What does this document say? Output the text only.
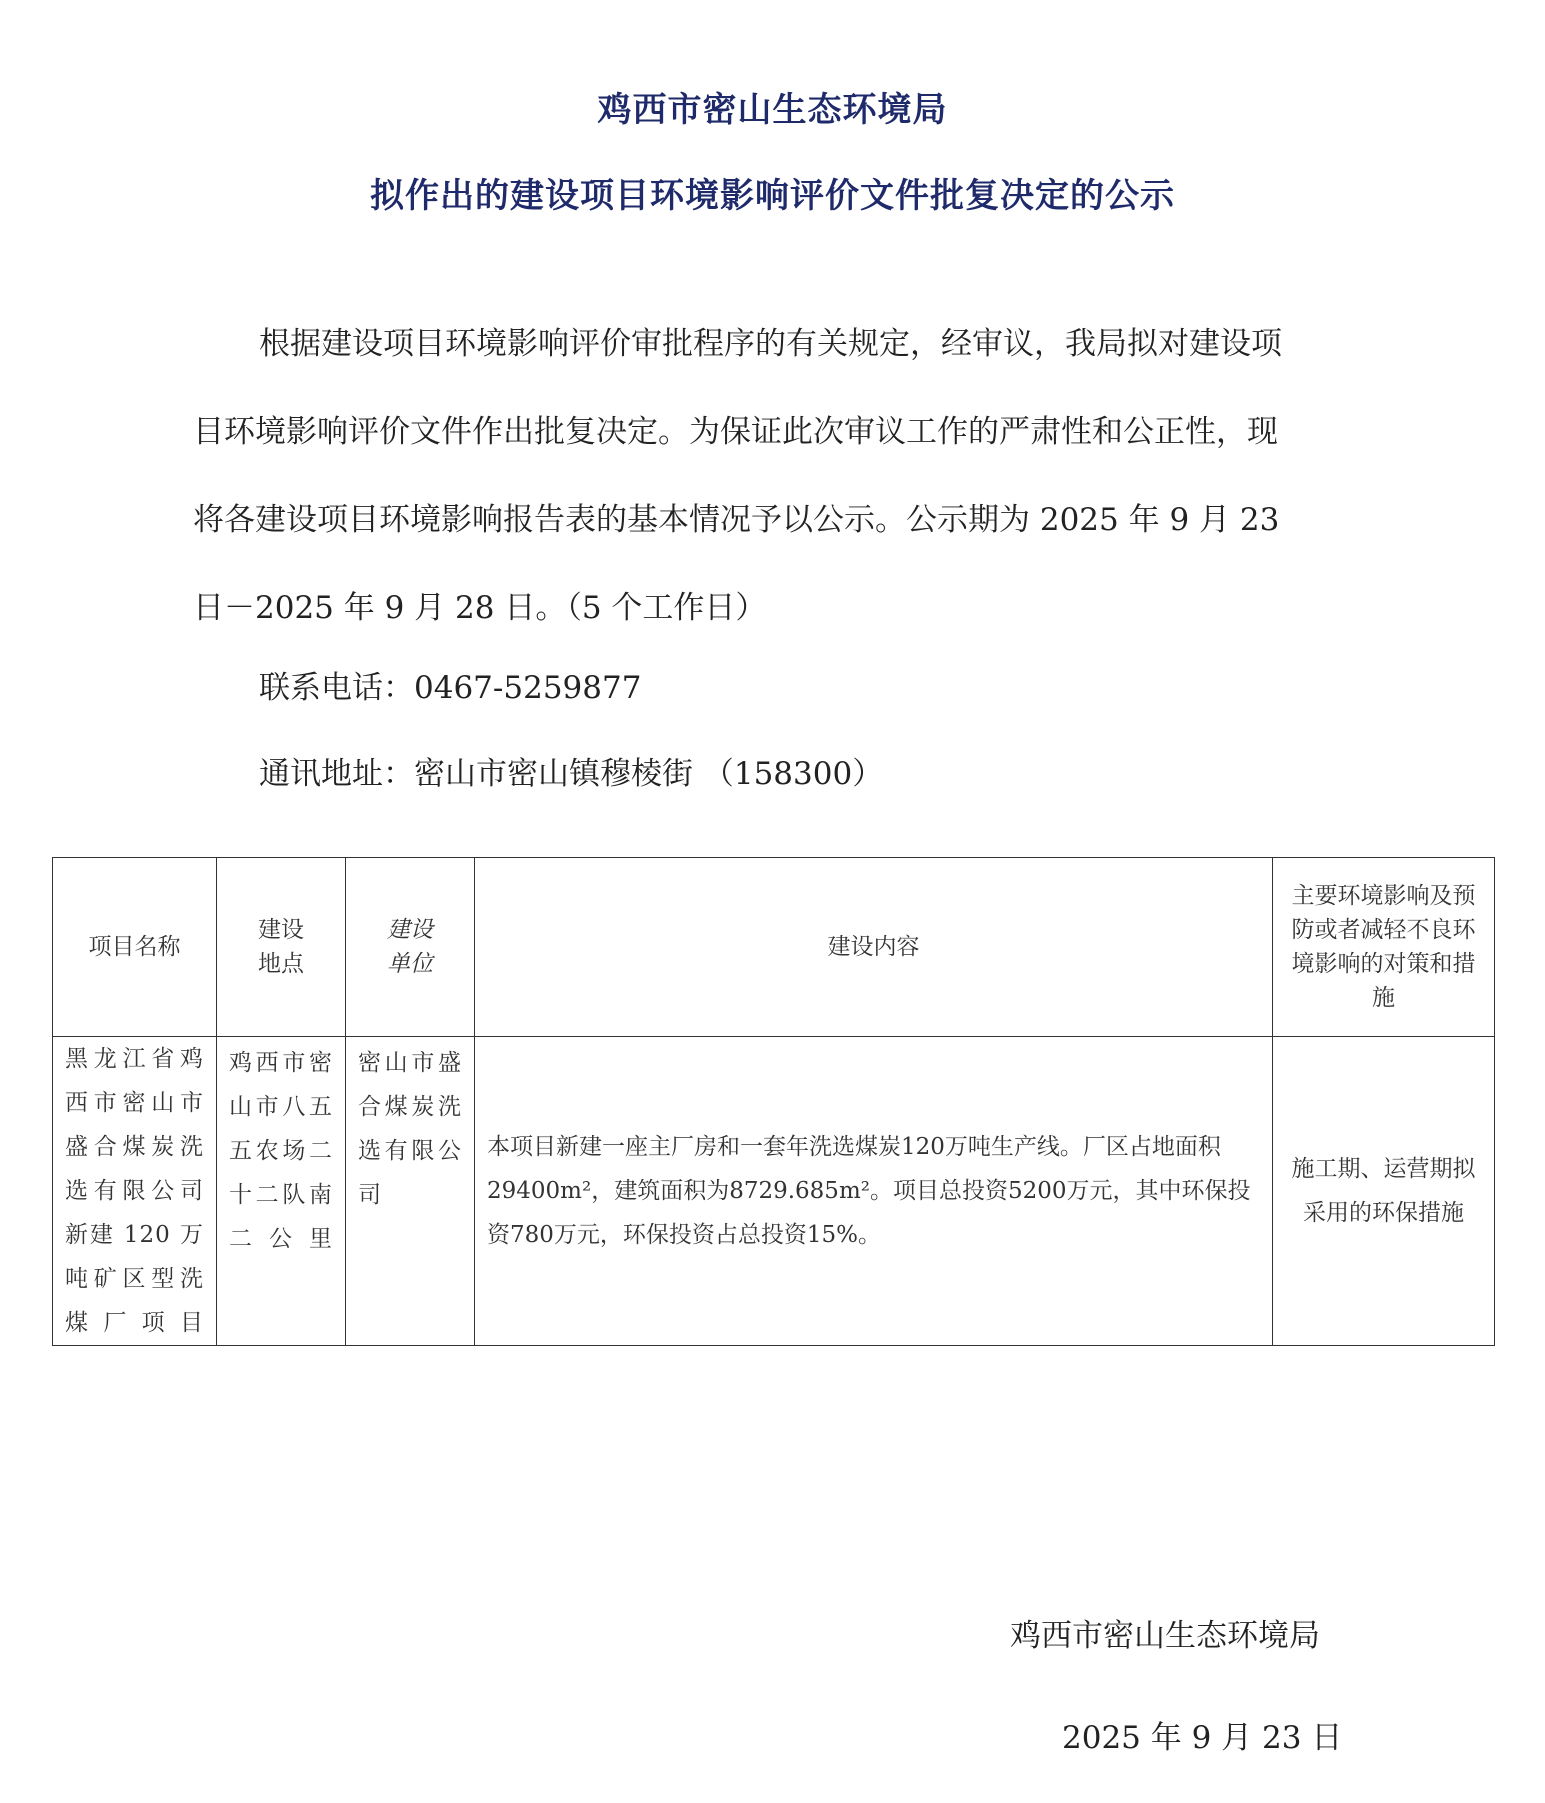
鸡西市密山生态环境局
拟作出的建设项目环境影响评价文件批复决定的公示
根据建设项目环境影响评价审批程序的有关规定，经审议，我局拟对建设项
目环境影响评价文件作出批复决定。为保证此次审议工作的严肃性和公正性，现
将各建设项目环境影响报告表的基本情况予以公示。公示期为 2025 年 9 月 23
日－2025 年 9 月 28 日。（5 个工作日）
联系电话：0467-5259877
通讯地址：密山市密山镇穆棱街 （158300）
项目名称	建设地点	建设单位	建设内容	主要环境影响及预防或者减轻不良环境影响的对策和措施
黑龙江省鸡西市密山市盛合煤炭洗选有限公司新建 120 万吨矿区型洗煤厂项目	鸡西市密山市八五五农场二十二队南二公里	密山市盛合煤炭洗选有限公司	本项目新建一座主厂房和一套年洗选煤炭120万吨生产线。厂区占地面积29400m²，建筑面积为8729.685m²。项目总投资5200万元，其中环保投资780万元，环保投资占总投资15%。	施工期、运营期拟采用的环保措施
鸡西市密山生态环境局
2025 年 9 月 23 日
